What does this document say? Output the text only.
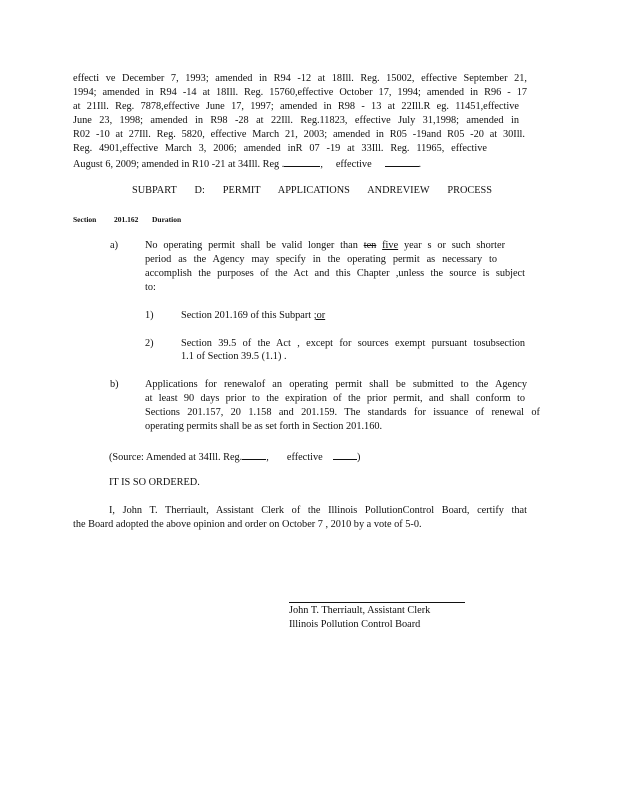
effecti ve December 7, 1993; amended in R94 -12 at 18Ill. Reg. 15002, effective September 21,
1994; amended in R94 -14 at 18Ill. Reg. 15760,effective October 17, 1994; amended in R96 - 17
at 21Ill. Reg. 7878,effective June 17, 1997; amended in R98 - 13 at 22Ill.R eg. 11451,effective
June 23, 1998; amended in R98 -28 at 22Ill. Reg.11823, effective July 31,1998; amended in
R02 -10 at 27Ill. Reg. 5820, effective March 21, 2003; amended in R05 -19and R05 -20 at 30Ill.
Reg. 4901,effective March 3, 2006; amended inR 07 -19 at 33Ill. Reg. 11965, effective
August 6, 2009; amended in R10 -21 at 34Ill. Reg .	, effective	.
SUBPART D: PERMIT APPLICATIONS ANDREVIEW PROCESS
Section 201.162 Duration
a)	No operating permit shall be valid longer than ten five year s or such shorter
period as the Agency may specify in the operating permit as necessary to
accomplish the purposes of the Act and this Chapter ,unless the source is subject
to:
1)	Section 201.169 of this Subpart ;or
2)	Section 39.5 of the Act , except for sources exempt pursuant tosubsection
1.1 of Section 39.5 (1.1) .
b)	Applications for renewalof an operating permit shall be submitted to the Agency
at least 90 days prior to the expiration of the prior permit, and shall conform to
Sections 201.157, 20 1.158 and 201.159. The standards for issuance of renewal of
operating permits shall be as set forth in Section 201.160.
(Source: Amended at 34Ill. Reg. , effective	)
IT IS SO ORDERED.
I, John T. Therriault, Assistant Clerk of the Illinois PollutionControl Board, certify that
the Board adopted the above opinion and order on October 7 , 2010 by a vote of 5-0.
John T. Therriault, Assistant Clerk
Illinois Pollution Control Board
